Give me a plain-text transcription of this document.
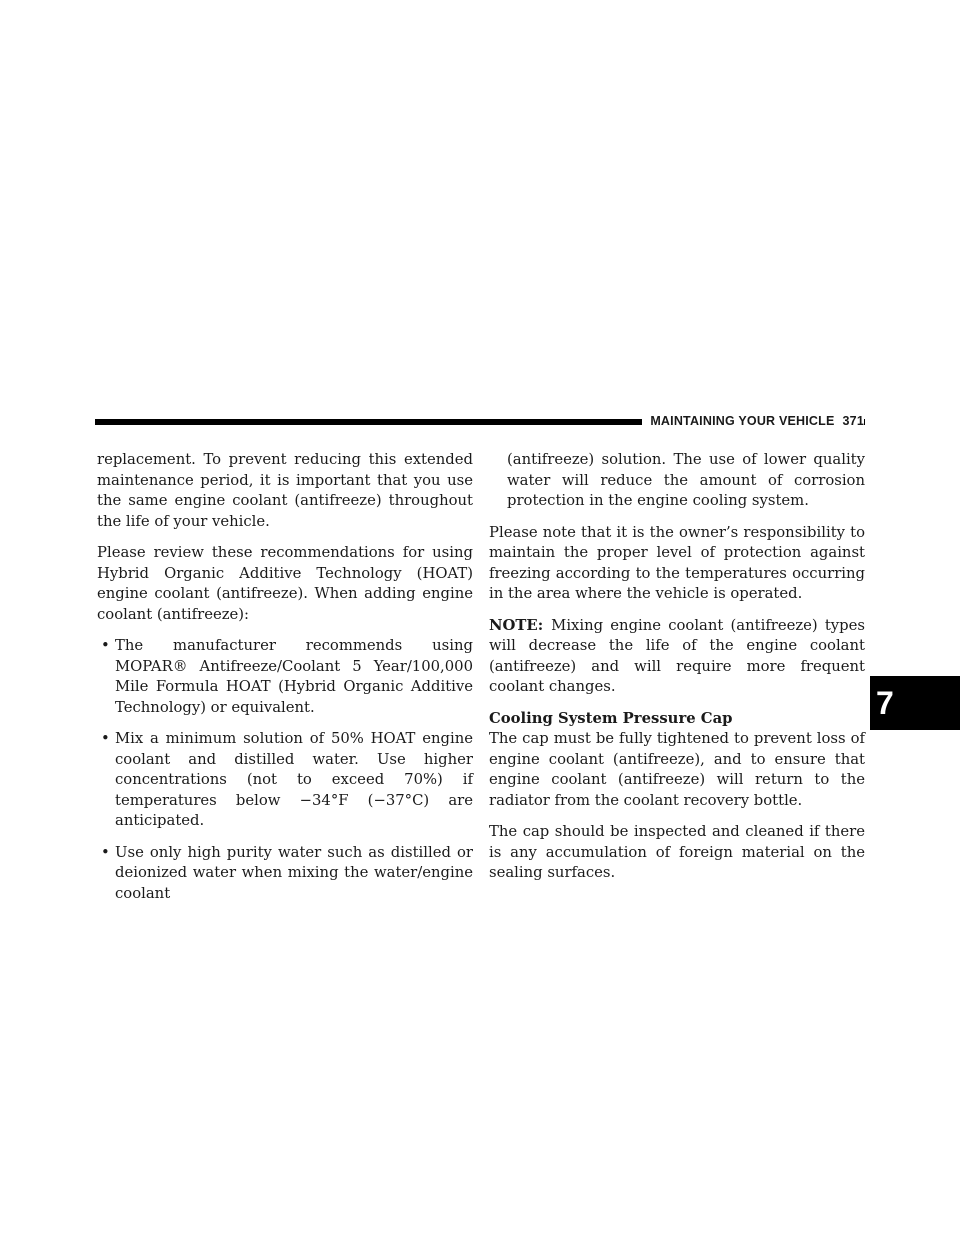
MAINTAINING YOUR VEHICLE 371

replacement. To prevent reducing this extended maintenance period, it is important that you use the same engine coolant (antifreeze) throughout the life of your vehicle.

Please review these recommendations for using Hybrid Organic Additive Technology (HOAT) engine coolant (antifreeze). When adding engine coolant (antifreeze):

• The manufacturer recommends using MOPAR® Antifreeze/Coolant 5 Year/100,000 Mile Formula HOAT (Hybrid Organic Additive Technology) or equivalent.
• Mix a minimum solution of 50% HOAT engine coolant and distilled water. Use higher concentrations (not to exceed 70%) if temperatures below −34°F (−37°C) are anticipated.
• Use only high purity water such as distilled or deionized water when mixing the water/engine coolant
(antifreeze) solution. The use of lower quality water will reduce the amount of corrosion protection in the engine cooling system.

Please note that it is the owner’s responsibility to maintain the proper level of protection against freezing according to the temperatures occurring in the area where the vehicle is operated.

NOTE: Mixing engine coolant (antifreeze) types will decrease the life of the engine coolant (antifreeze) and will require more frequent coolant changes.

Cooling System Pressure Cap

The cap must be fully tightened to prevent loss of engine coolant (antifreeze), and to ensure that engine coolant (antifreeze) will return to the radiator from the coolant recovery bottle.

The cap should be inspected and cleaned if there is any accumulation of foreign material on the sealing surfaces.

7
